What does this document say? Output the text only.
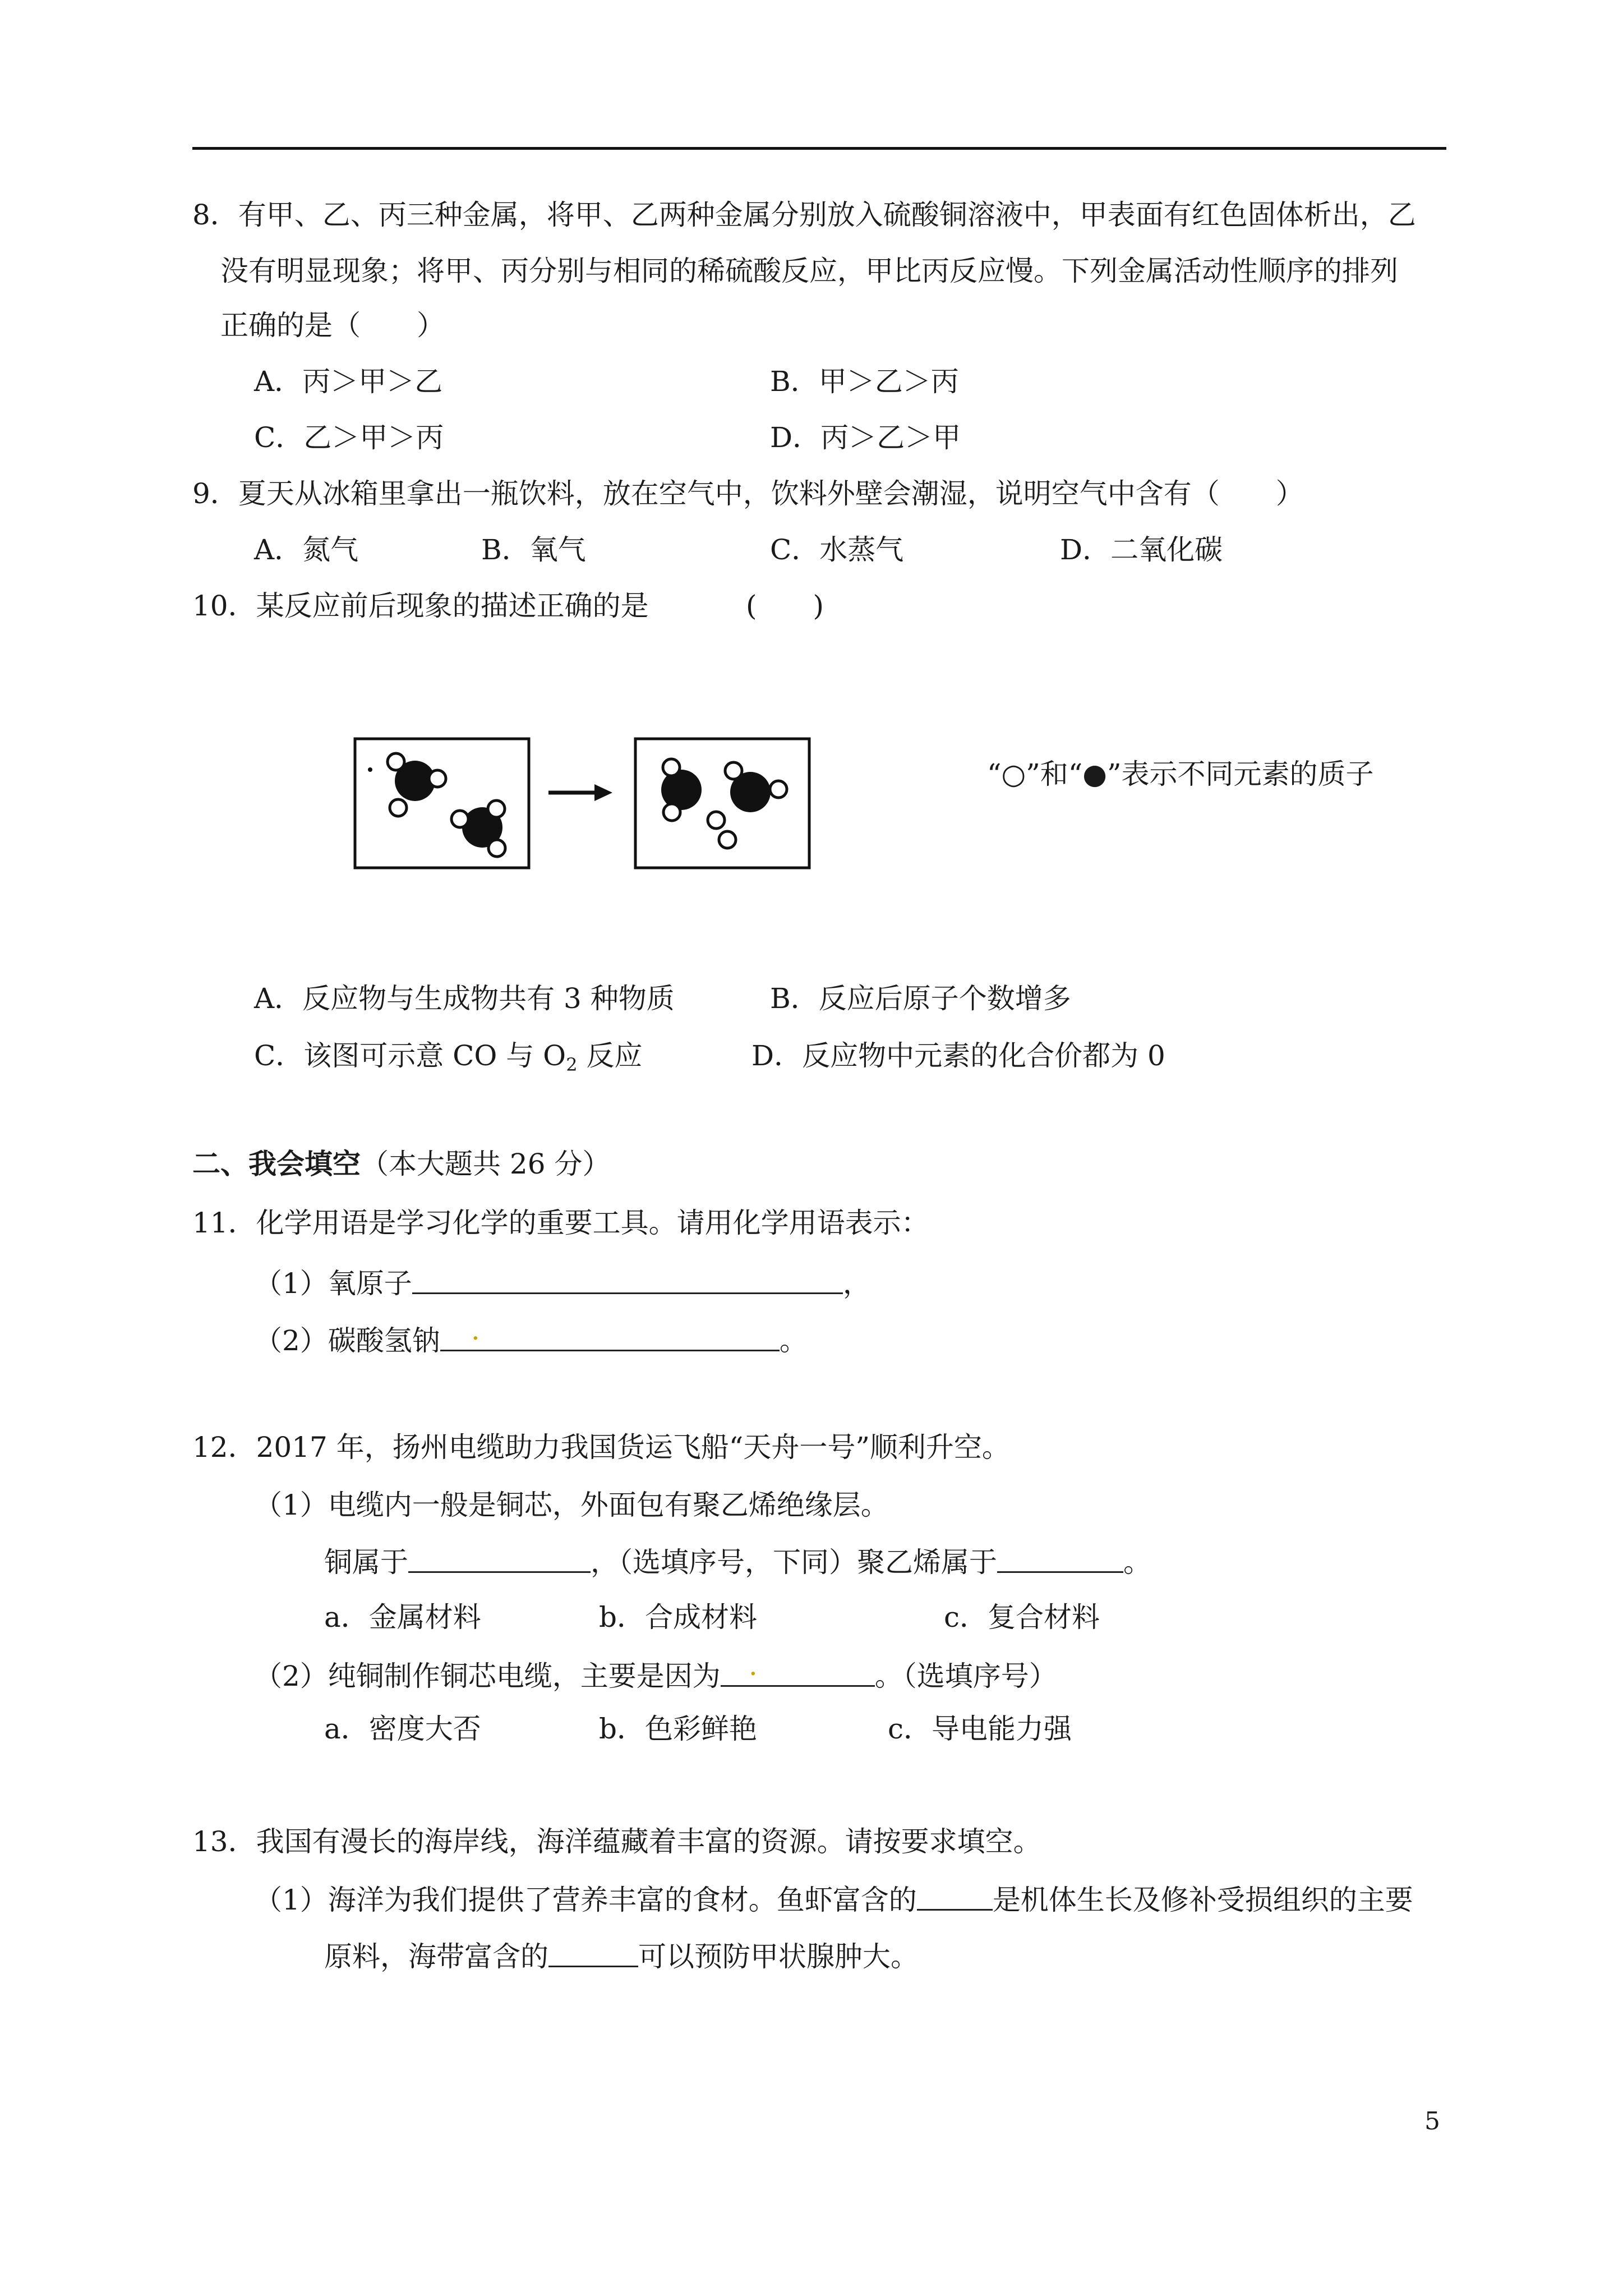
8．有甲、乙、丙三种金属，将甲、乙两种金属分别放入硫酸铜溶液中，甲表面有红色固体析出，乙
没有明显现象；将甲、丙分别与相同的稀硫酸反应，甲比丙反应慢。下列金属活动性顺序的排列
正确的是（　　）
A．丙＞甲＞乙	B．甲＞乙＞丙
C．乙＞甲＞丙	D．丙＞乙＞甲
9．夏天从冰箱里拿出一瓶饮料，放在空气中，饮料外壁会潮湿，说明空气中含有（　　）
A．氮气	B．氧气	C．水蒸气	D．二氧化碳
10．某反应前后现象的描述正确的是	(　　)
“○”和“●”表示不同元素的质子
A．反应物与生成物共有 3 种物质	B．反应后原子个数增多
C．该图可示意 CO 与 $O_2$ 反应	D．反应物中元素的化合价都为 0
二、我会填空（本大题共 26 分）
11．化学用语是学习化学的重要工具。请用化学用语表示：
（1）氧原子	，
（2）碳酸氢钠 .	。
12．2017 年，扬州电缆助力我国货运飞船“天舟一号”顺利升空。
（1）电缆内一般是铜芯，外面包有聚乙烯绝缘层。
铜属于	，（选填序号，下同）聚乙烯属于	。
a．金属材料	b．合成材料	c．复合材料
（2）纯铜制作铜芯电缆，主要是因为 .	。（选填序号）
a．密度大否	b．色彩鲜艳	c．导电能力强
13．我国有漫长的海岸线，海洋蕴藏着丰富的资源。请按要求填空。
（1）海洋为我们提供了营养丰富的食材。鱼虾富含的	是机体生长及修补受损组织的主要
原料，海带富含的	可以预防甲状腺肿大。
5
